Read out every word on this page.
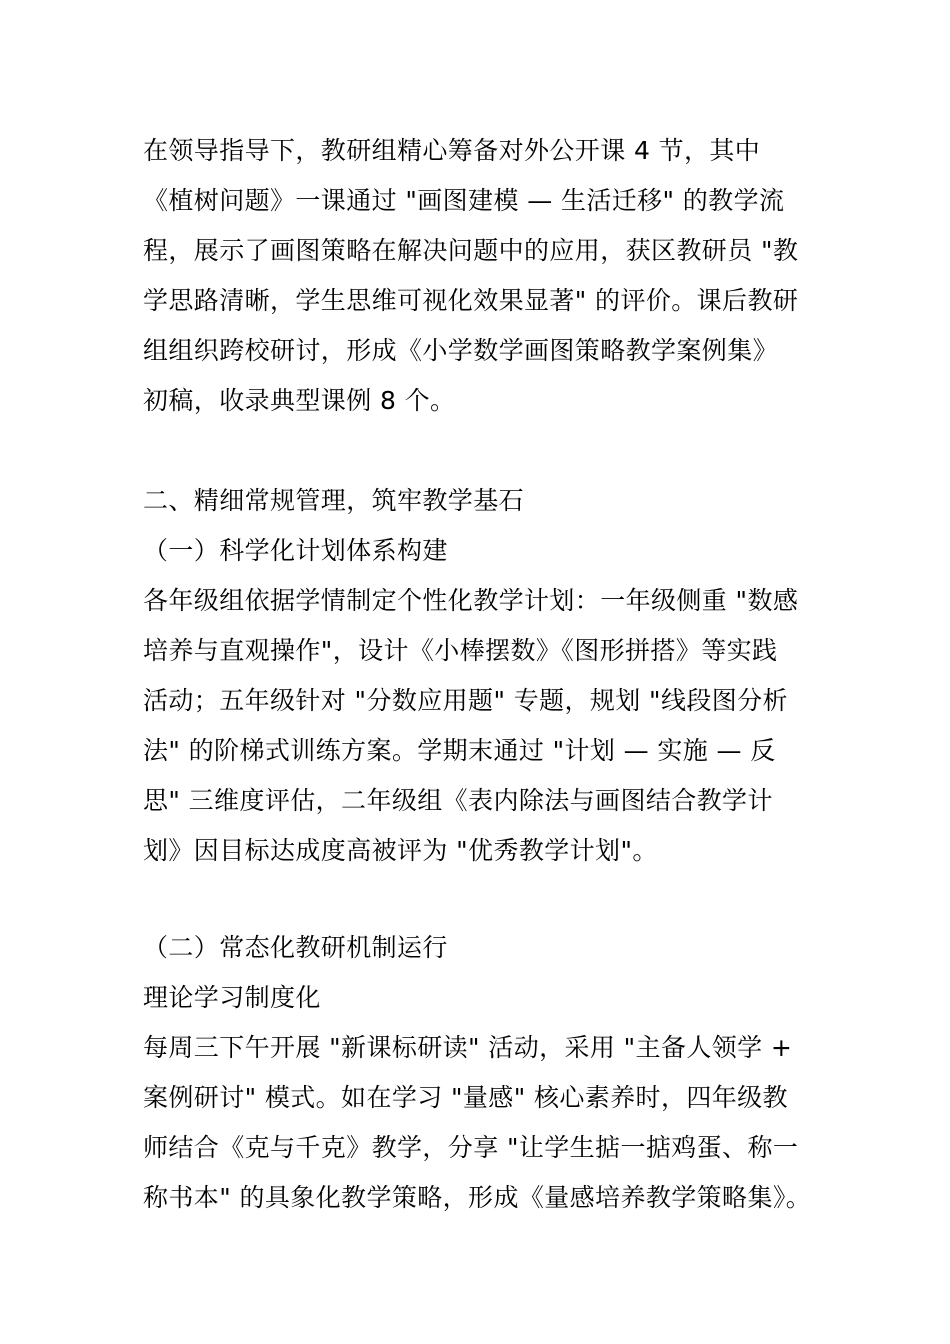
在领导指导下，教研组精心筹备对外公开课 4 节，其中
《植树问题》一课通过 "画图建模 — 生活迁移" 的教学流
程，展示了画图策略在解决问题中的应用，获区教研员 "教
学思路清晰，学生思维可视化效果显著" 的评价。课后教研
组组织跨校研讨，形成《小学数学画图策略教学案例集》
初稿，收录典型课例 8 个。
二、精细常规管理，筑牢教学基石
（一）科学化计划体系构建
各年级组依据学情制定个性化教学计划：一年级侧重 "数感
培养与直观操作"，设计《小棒摆数》《图形拼搭》等实践
活动；五年级针对 "分数应用题" 专题，规划 "线段图分析
法" 的阶梯式训练方案。学期末通过 "计划 — 实施 — 反
思" 三维度评估，二年级组《表内除法与画图结合教学计
划》因目标达成度高被评为 "优秀教学计划"。
（二）常态化教研机制运行
理论学习制度化
每周三下午开展 "新课标研读" 活动，采用 "主备人领学 +
案例研讨" 模式。如在学习 "量感" 核心素养时，四年级教
师结合《克与千克》教学，分享 "让学生掂一掂鸡蛋、称一
称书本" 的具象化教学策略，形成《量感培养教学策略集》。
